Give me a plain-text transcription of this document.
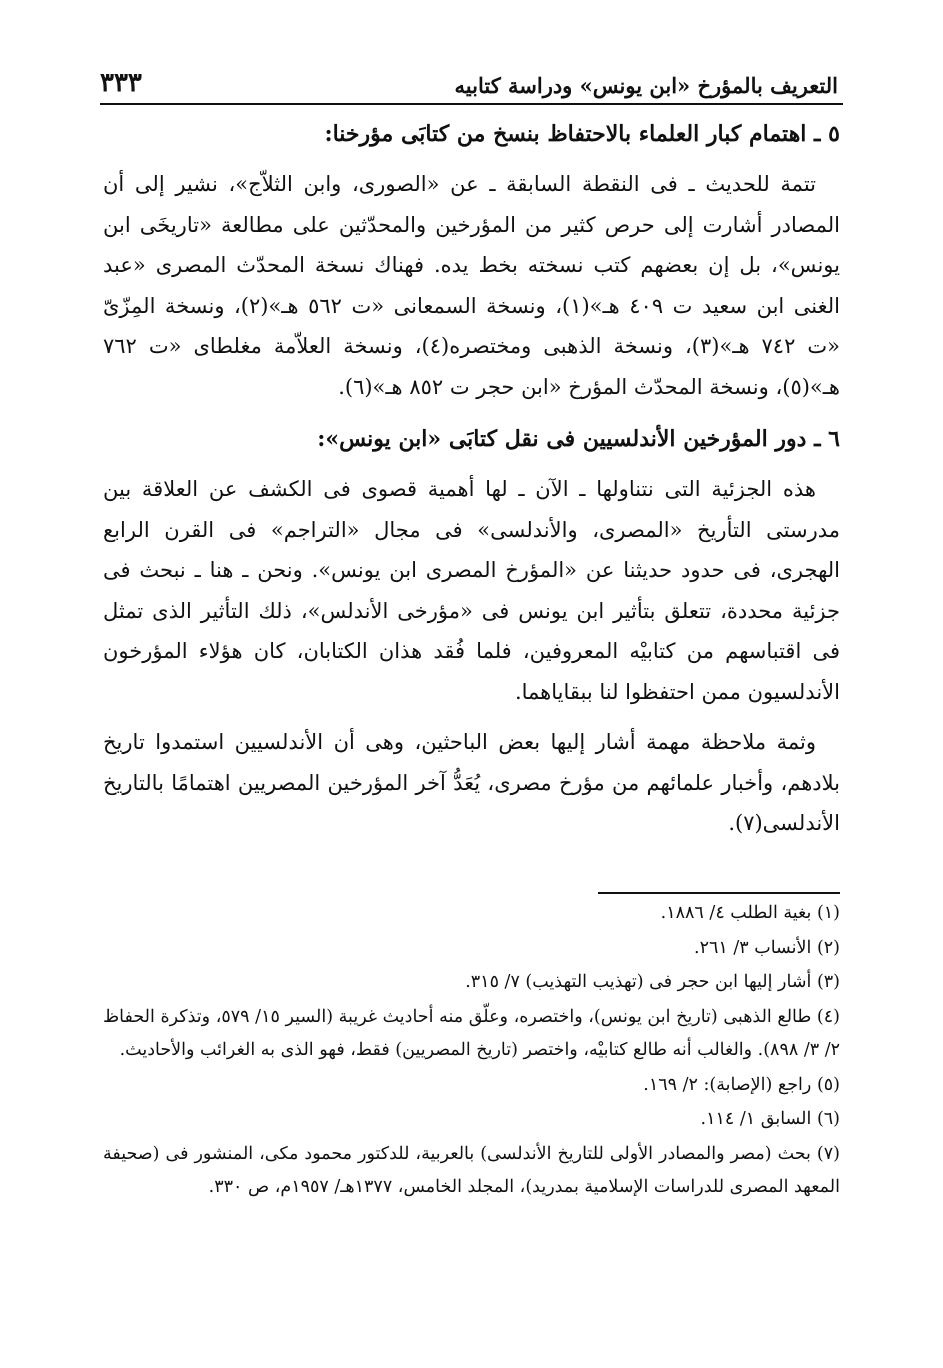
التعريف بالمؤرخ «ابن يونس» ودراسة كتابيه
٣٣٣
٥ ـ اهتمام كبار العلماء بالاحتفاظ بنسخ من كتابَى مؤرخنا:

تتمة للحديث ـ فى النقطة السابقة ـ عن «الصورى، وابن الثلاّج»، نشير إلى أن المصادر أشارت إلى حرص كثير من المؤرخين والمحدّثين على مطالعة «تاريخَى ابن يونس»، بل إن بعضهم كتب نسخته بخط يده. فهناك نسخة المحدّث المصرى «عبد الغنى ابن سعيد ت ٤٠٩ هـ»(١)، ونسخة السمعانى «ت ٥٦٢ هـ»(٢)، ونسخة المِزّىّ «ت ٧٤٢ هـ»(٣)، ونسخة الذهبى ومختصره(٤)، ونسخة العلاّمة مغلطاى «ت ٧٦٢ هـ»(٥)، ونسخة المحدّث المؤرخ «ابن حجر ت ٨٥٢ هـ»(٦).

٦ ـ دور المؤرخين الأندلسيين فى نقل كتابَى «ابن يونس»:

هذه الجزئية التى نتناولها ـ الآن ـ لها أهمية قصوى فى الكشف عن العلاقة بين مدرستى التأريخ «المصرى، والأندلسى» فى مجال «التراجم» فى القرن الرابع الهجرى، فى حدود حديثنا عن «المؤرخ المصرى ابن يونس». ونحن ـ هنا ـ نبحث فى جزئية محددة، تتعلق بتأثير ابن يونس فى «مؤرخى الأندلس»، ذلك التأثير الذى تمثل فى اقتباسهم من كتابيْه المعروفين، فلما فُقد هذان الكتابان، كان هؤلاء المؤرخون الأندلسيون ممن احتفظوا لنا ببقاياهما.

وثمة ملاحظة مهمة أشار إليها بعض الباحثين، وهى أن الأندلسيين استمدوا تاريخ بلادهم، وأخبار علمائهم من مؤرخ مصرى، يُعَدُّ آخر المؤرخين المصريين اهتمامًا بالتاريخ الأندلسى(٧).

(١) بغية الطلب ٤/ ١٨٨٦.

(٢) الأنساب ٣/ ٢٦١.

(٣) أشار إليها ابن حجر فى (تهذيب التهذيب) ٧/ ٣١٥.

(٤) طالع الذهبى (تاريخ ابن يونس)، واختصره، وعلّق منه أحاديث غريبة (السير ١٥/ ٥٧٩، وتذكرة الحفاظ ٢/ ٣/ ٨٩٨). والغالب أنه طالع كتابيْه، واختصر (تاريخ المصريين) فقط، فهو الذى به الغرائب والأحاديث.

(٥) راجع (الإصابة): ٢/ ١٦٩.

(٦) السابق ١/ ١١٤.

(٧) بحث (مصر والمصادر الأولى للتاريخ الأندلسى) بالعربية، للدكتور محمود مكى، المنشور فى (صحيفة المعهد المصرى للدراسات الإسلامية بمدريد)، المجلد الخامس، ١٣٧٧هـ/ ١٩٥٧م، ص ٣٣٠.
